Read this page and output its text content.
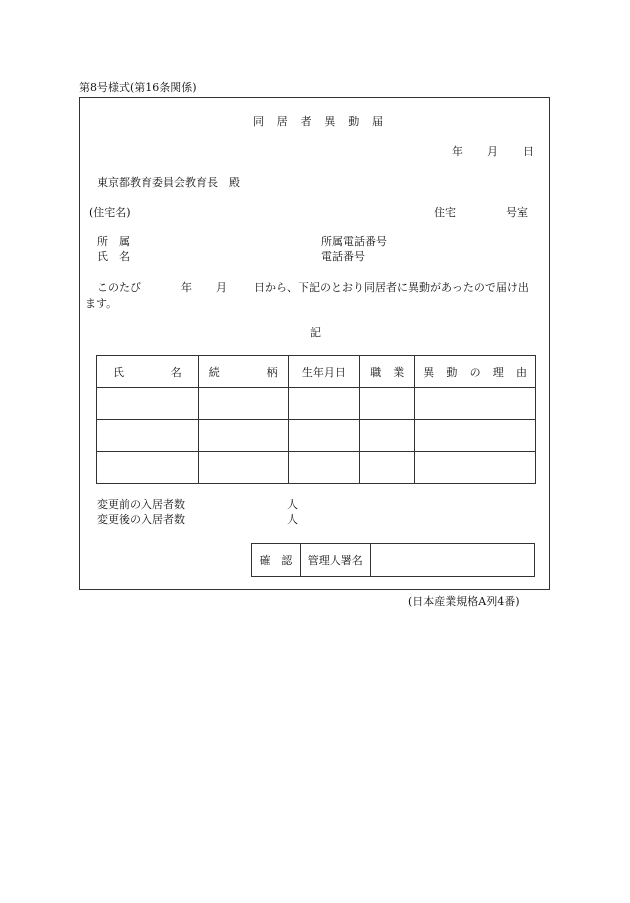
第8号様式(第16条関係)
同 居 者 異 動 届
年 月 日
東京都教育委員会教育長　殿
(住宅名)	住宅	号室
所　属	所属電話番号
氏　名	電話番号
このたび	年 月 日から、下記のとおり同居者に異動があったので届け出
ます。
記
氏 名	続 柄	生年月日	職 業	異 動 の 理 由

変更前の入居者数	人
変更後の入居者数	人
確　認	管理人署名	
(日本産業規格A列4番)
